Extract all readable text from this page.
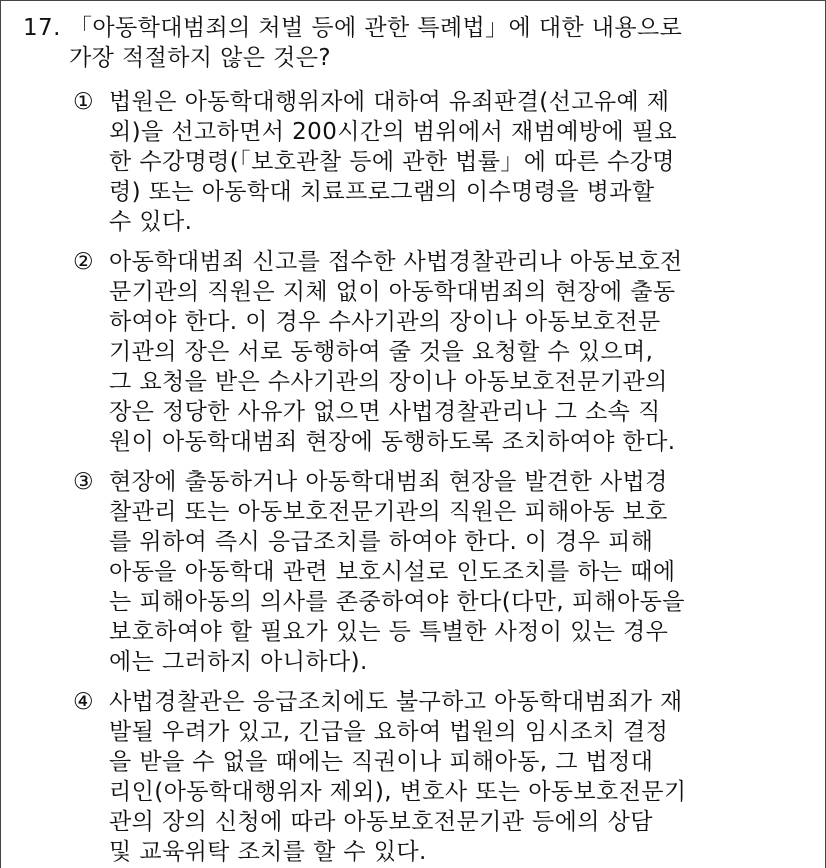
17. 「아동학대범죄의 처벌 등에 관한 특례법」에 대한 내용으로
가장 적절하지 않은 것은?
① 법원은 아동학대행위자에 대하여 유죄판결(선고유예 제
외)을 선고하면서 200시간의 범위에서 재범예방에 필요
한 수강명령(「보호관찰 등에 관한 법률」에 따른 수강명
령) 또는 아동학대 치료프로그램의 이수명령을 병과할
수 있다.
② 아동학대범죄 신고를 접수한 사법경찰관리나 아동보호전
문기관의 직원은 지체 없이 아동학대범죄의 현장에 출동
하여야 한다. 이 경우 수사기관의 장이나 아동보호전문
기관의 장은 서로 동행하여 줄 것을 요청할 수 있으며,
그 요청을 받은 수사기관의 장이나 아동보호전문기관의
장은 정당한 사유가 없으면 사법경찰관리나 그 소속 직
원이 아동학대범죄 현장에 동행하도록 조치하여야 한다.
③ 현장에 출동하거나 아동학대범죄 현장을 발견한 사법경
찰관리 또는 아동보호전문기관의 직원은 피해아동 보호
를 위하여 즉시 응급조치를 하여야 한다. 이 경우 피해
아동을 아동학대 관련 보호시설로 인도조치를 하는 때에
는 피해아동의 의사를 존중하여야 한다(다만, 피해아동을
보호하여야 할 필요가 있는 등 특별한 사정이 있는 경우
에는 그러하지 아니하다).
④ 사법경찰관은 응급조치에도 불구하고 아동학대범죄가 재
발될 우려가 있고, 긴급을 요하여 법원의 임시조치 결정
을 받을 수 없을 때에는 직권이나 피해아동, 그 법정대
리인(아동학대행위자 제외), 변호사 또는 아동보호전문기
관의 장의 신청에 따라 아동보호전문기관 등에의 상담
및 교육위탁 조치를 할 수 있다.
